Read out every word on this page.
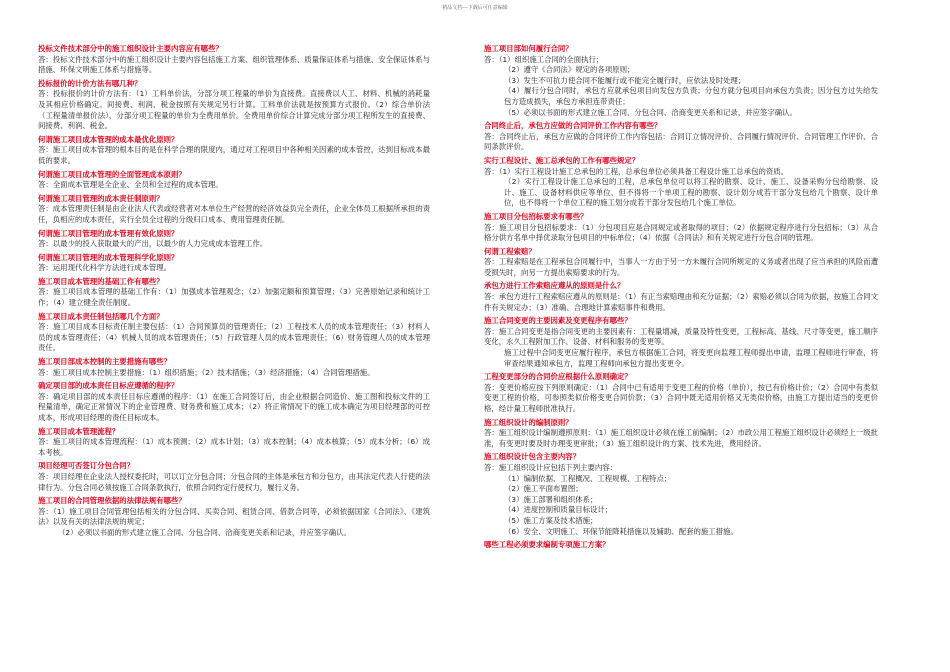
精品文档---下载后可任意编辑

投标文件技术部分中的施工组织设计主要内容应有哪些？

答：投标文件技术部分中的施工组织设计主要内容包括施工方案、组织管理体系、质量保证体系与措施、安全保证体系与措施、环保文明施工体系与措施等。

投标报价的计价方法有哪几种？

答：投标报价的计价方法有：（1）工料单价法，分部分项工程量的单价为直接费。直接费以人工、材料、机械的消耗量及其相应价格确定。间接费、利润、税金按照有关规定另行计算。工料单价法就是按预算方式报价。（2）综合单价法（工程量清单报价法），分部分项工程量的单价为全费用单价。全费用单价综合计算完成分部分项工程所发生的直接费、间接费、利润、税金。

何谓施工项目成本管理的成本最优化原则？

答：施工项目成本管理的根本目的是在科学合理的限度内，通过对工程项目中各种相关因素的成本管控，达到目标成本最低的要求。

何谓施工项目成本管理的全面管理成本原则？

答：全面成本管理是全企业、全员和全过程的成本管理。

何谓施工项目管理的成本责任制原则？

答：成本管理责任制是由企业法人代表或经营者对本单位生产经营的经济效益负完全责任，企业全体员工根据所承担的责任，负相应的成本责任，实行全员全过程的分级归口成本、费用管理责任制。

何谓施工项目管理的成本管理有效化原则？

答：以最少的投入获取最大的产出，以最少的人力完成成本管理工作。

何谓施工项目管理的成本管理科学化原则？

答：运用现代化科学方法进行成本管理。

施工项目成本管理的基础工作有哪些？

答：施工项目成本管理的基础工作有：（1）加强成本管理观念；（2）加强定额和预算管理；（3）完善原始记录和统计工作；（4）建立健全责任制度。

施工项目成本责任制包括哪几个方面？

答：施工项目成本目标责任制主要包括：（1）合同预算员的管理责任；（2）工程技术人员的成本管理责任；（3）材料人员的成本管理责任；（4）机械人员的成本管理责任；（5）行政管理人员的成本管理责任；（6）财务管理人员的成本管理责任。

施工项目部成本控制的主要措施有哪些？

答：施工项目成本控制主要措施：（1）组织措施；（2）技术措施；（3）经济措施；（4）合同管理措施。

确定项目部的成本责任目标应遵循的程序？

答：确定项目部的成本责任目标应遵循的程序：（1）在施工合同签订后，由企业根据合同造价、施工图和投标文件的工程量清单，确定正常情况下的企业管理费、财务费和施工成本；（2）将正常情况下的施工成本确定为项目经理部的可控成本，形成项目经理的责任目标成本。

施工项目成本管理流程？

答：施工项目的成本管理流程：（1）成本预测；（2）成本计划；（3）成本控制；（4）成本核算；（5）成本分析；（6）成本考核。

项目经理可否签订分包合同？

答：项目经理在企业法人授权委托时，可以订立分包合同；分包合同的主体是承包方和分包方，由其法定代表人行使的法律行为。分包合同必须按施工合同条款执行，依照合同约定行使权力，履行义务。

施工项目的合同管理依据的法律法规有哪些？

答：（1）施工项目合同管理包括相关的分包合同、买卖合同、租赁合同、借款合同等，必须依据国家《合同法》、《建筑法》以及有关的法律法规的规定；
（2）必须以书面的形式建立施工合同、分包合同、洽商变更关系和记录，并应签字确认。

施工项目部如何履行合同？

答：（1）组织施工合同的全面执行；
（2）遵守《合同法》规定的各项原则；
（3）发生不可抗力使合同不能履行或不能完全履行时，应依法及时处理；
（4）履行分包合同时，承包方应就承包项目向发包方负责；分包方就分包项目向承包方负责；因分包方过失给发包方造成损失，承包方承担连带责任；
（5）必须以书面的形式建立施工合同、分包合同、洽商变更关系和记录，并应签字确认。

合同终止后，承包方应做的合同评价工作内容有哪些？

答：合同终止后，承包方应做的合同评价工作内容包括：合同订立情况评价、合同履行情况评价、合同管理工作评价、合同条款评价。

实行工程设计、施工总承包的工作有哪些规定？

答：（1）实行工程设计施工总承包的工程，总承包单位必须具备工程设计施工总承包的资质。
（2）实行工程设计施工总承包的工程，总承包单位可以将工程的勘察、设计、施工、设备采购分包给勘察、设计、施工、设备材料供应等单位，但不得将一个单项工程的勘察、设计划分成若干部分发包给几个勘察、设计单位，也不得将一个单位工程的施工划分成若干部分发包给几个施工单位。

施工项目分包招标要求有哪些？

答：施工项目分包招标要求：（1）分包项目应是合同规定或者取得的项目；（2）依据规定程序进行分包招标；（3）从合格分供方名单中择优录取分包项目的中标单位；（4）依据《合同法》和有关规定进行分包合同的管理。

何谓工程索赔？

答：工程索赔是在工程承包合同履行中，当事人一方由于另一方未履行合同所规定的义务或者出现了应当承担的风险而遭受损失时，向另一方提出索赔要求的行为。

承包方进行工作索赔应遵从的原则是什么？

答：承包方进行工程索赔应遵从的原则是：（1）有正当索赔理由和充分证据；（2）索赔必须以合同为依据，按施工合同文件有关规定办；（3）准确、合理地计算索赔事件和费用。

施工合同变更的主要因素及变更程序有哪些？

答：施工合同变更是指合同变更的主要因素有：工程量增减，质量及特性变更，工程标高、基线、尺寸等变更，施工顺序变化，永久工程附加工作、设备、材料和服务的变更等。
施工过程中合同变更应履行程序，承包方根据施工合同，将变更向监理工程师提出申请，监理工程师进行审查，将审查结果通知承包方，监理工程师向承包方提出变更令。

工程变更部分的合同价应根据什么原则确定？

答：变更价格应按下列原则确定：（1）合同中已有适用于变更工程的价格（单价），按已有价格计价；（2）合同中有类似变更工程的价格，可参照类似价格变更合同价款；（3）合同中既无适用价格又无类似价格，由施工方提出适当的变更价格，经计量工程师批准执行。

施工组织设计的编制原则？

答：施工组织设计编制遵照原则：（1）施工组织设计必须在施工前编制；（2）市政公用工程施工组织设计必须经上一级批准，有变更时要及时办理变更审批；（3）施工组织设计的方案、技术先进，费用经济。

施工组织设计包含主要内容？

答：施工组织设计应包括下列主要内容：
（1）编制依据、工程概况、工程规模、工程特点；
（2）施工平面布置图；
（3）施工部署和组织体系；
（4）进度控制和质量目标设计；
（5）施工方案及技术措施；
（6）安全、文明施工、环保节能降耗措施以及辅助、配套的施工措施。

哪些工程必须要求编制专项施工方案？
